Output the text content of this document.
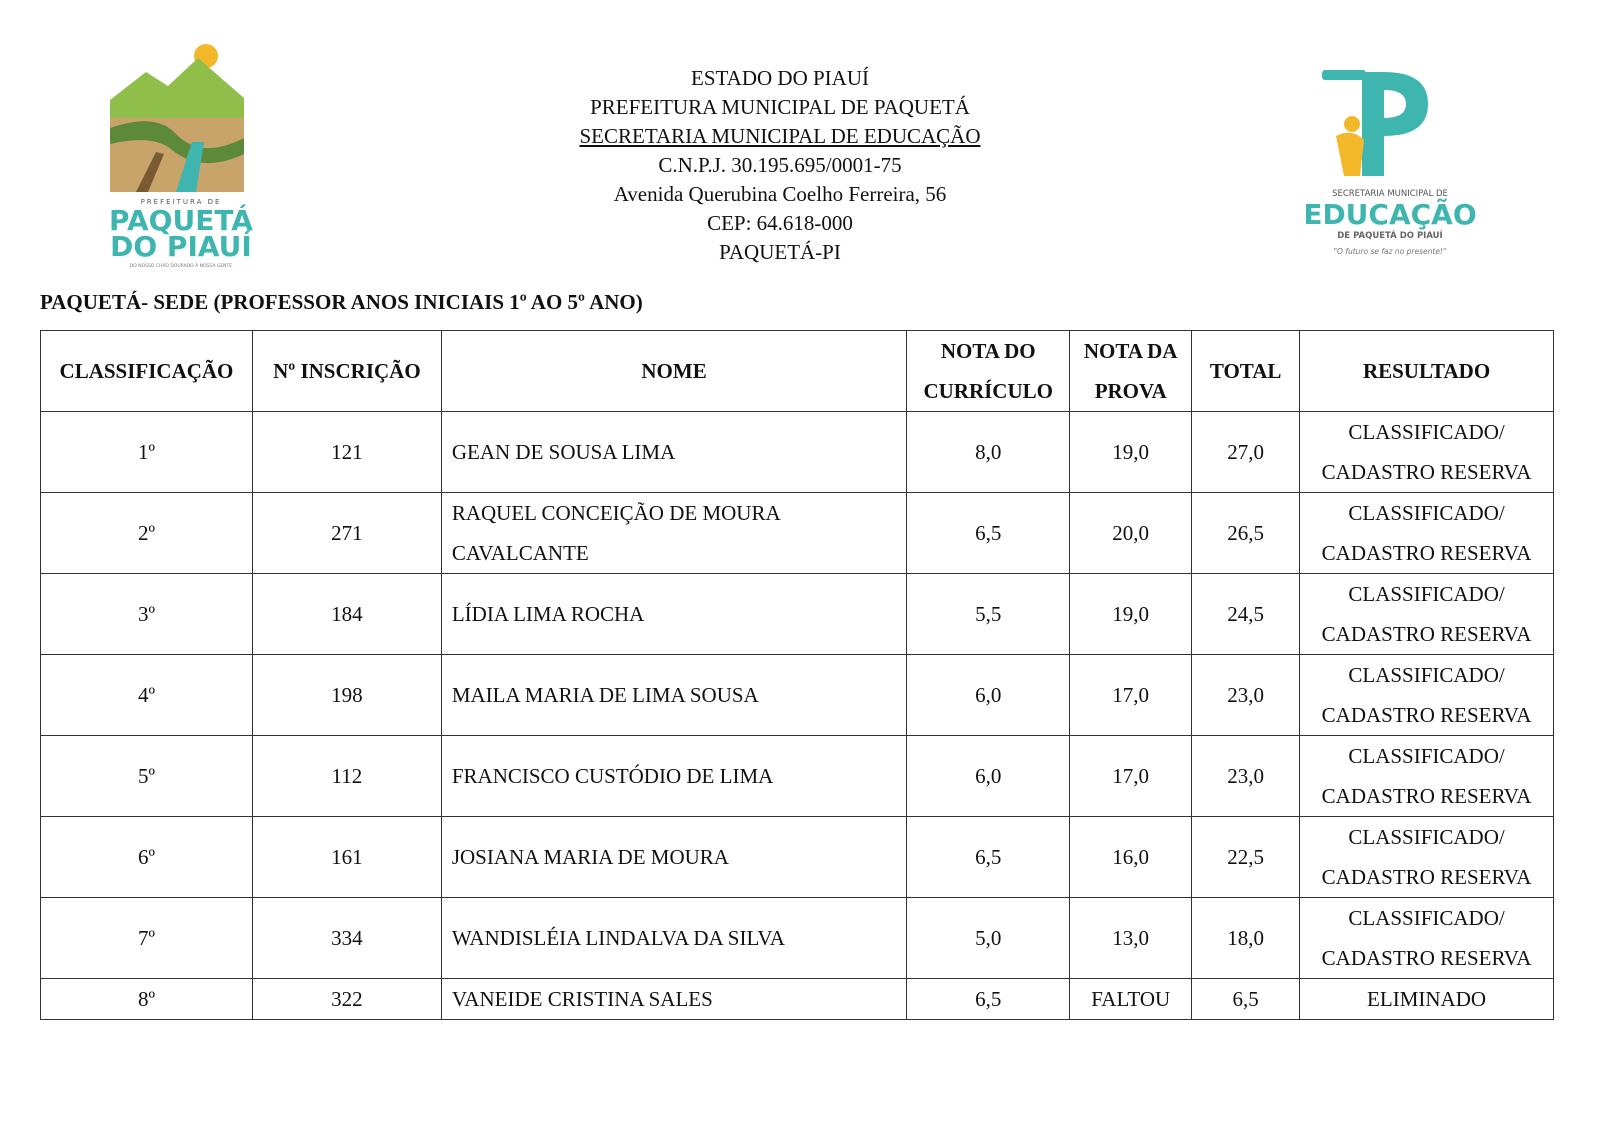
PREFEITURA DE
PAQUETÁ
DO PIAUÍ
DO NOSSO CHÃO DOURADO À NOSSA GENTE
ESTADO DO PIAUÍ
PREFEITURA MUNICIPAL DE PAQUETÁ
SECRETARIA MUNICIPAL DE EDUCAÇÃO
C.N.P.J. 30.195.695/0001-75
Avenida Querubina Coelho Ferreira, 56
CEP: 64.618-000
PAQUETÁ-PI
SECRETARIA MUNICIPAL DE
EDUCAÇÃO
DE PAQUETÁ DO PIAUÍ
"O futuro se faz no presente!"
PAQUETÁ- SEDE (PROFESSOR ANOS INICIAIS 1º AO 5º ANO)
CLASSIFICAÇÃO	Nº INSCRIÇÃO	NOME	NOTA DO
CURRÍCULO	NOTA DA
PROVA	TOTAL	RESULTADO
1º	121	GEAN DE SOUSA LIMA	8,0	19,0	27,0	CLASSIFICADO/
CADASTRO RESERVA
2º	271	RAQUEL CONCEIÇÃO DE MOURA
CAVALCANTE	6,5	20,0	26,5	CLASSIFICADO/
CADASTRO RESERVA
3º	184	LÍDIA LIMA ROCHA	5,5	19,0	24,5	CLASSIFICADO/
CADASTRO RESERVA
4º	198	MAILA MARIA DE LIMA SOUSA	6,0	17,0	23,0	CLASSIFICADO/
CADASTRO RESERVA
5º	112	FRANCISCO CUSTÓDIO DE LIMA	6,0	17,0	23,0	CLASSIFICADO/
CADASTRO RESERVA
6º	161	JOSIANA MARIA DE MOURA	6,5	16,0	22,5	CLASSIFICADO/
CADASTRO RESERVA
7º	334	WANDISLÉIA LINDALVA DA SILVA	5,0	13,0	18,0	CLASSIFICADO/
CADASTRO RESERVA
8º	322	VANEIDE CRISTINA SALES	6,5	FALTOU	6,5	ELIMINADO
